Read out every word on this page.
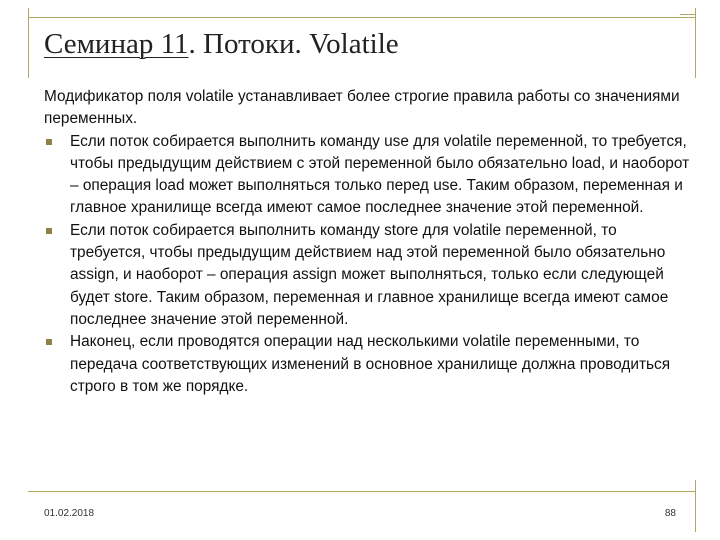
Семинар 11. Потоки. Volatile

Модификатор поля volatile устанавливает более строгие правила работы со значениями переменных.

Если поток собирается выполнить команду use для volatile переменной, то требуется, чтобы предыдущим действием с этой переменной было обязательно load, и наоборот – операция load может выполняться только перед use. Таким образом, переменная и главное хранилище всегда имеют самое последнее значение этой переменной.
Если поток собирается выполнить команду store для volatile переменной, то требуется, чтобы предыдущим действием над этой переменной было обязательно assign, и наоборот – операция assign может выполняться, только если следующей будет store. Таким образом, переменная и главное хранилище всегда имеют самое последнее значение этой переменной.
Наконец, если проводятся операции над несколькими volatile переменными, то передача соответствующих изменений в основное хранилище должна проводиться строго в том же порядке.
01.02.2018	88
